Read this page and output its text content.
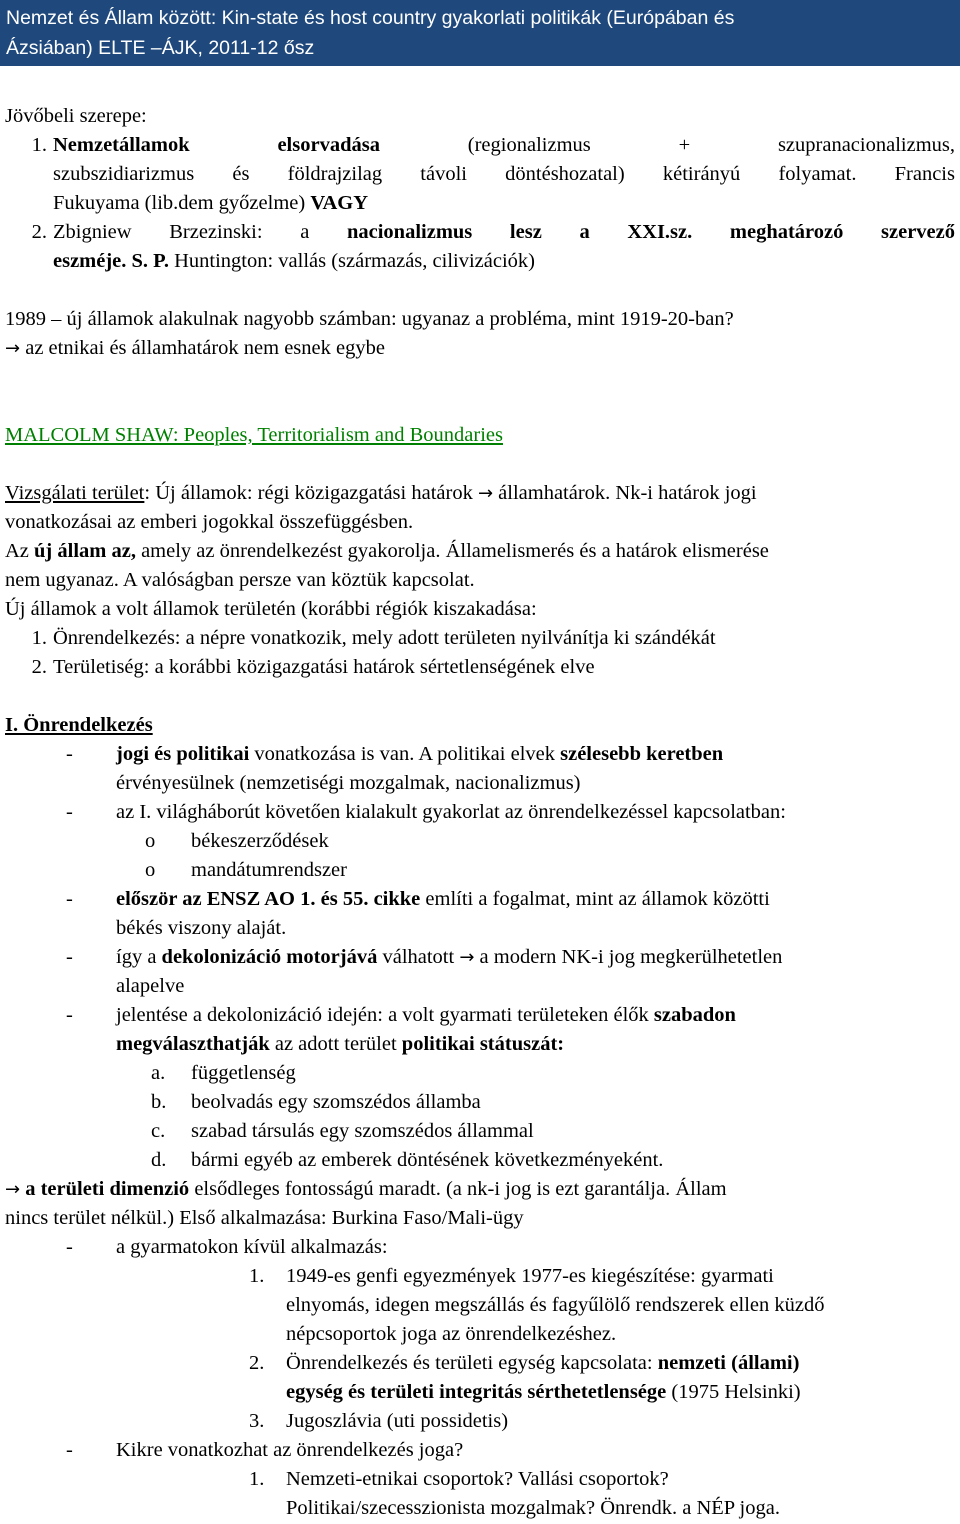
Nemzet és Állam között: Kin-state és host country gyakorlati politikák (Európában és
Ázsiában) ELTE –ÁJK, 2011-12 ősz

Jövőbeli szerepe:

1. Nemzetállamok	elsorvadása	(regionalizmus + szupranacionalizmus,

szubszidiarizmus és földrajzilag távoli döntéshozatal) kétirányú folyamat. Francis

Fukuyama (lib.dem győzelme) VAGY

2. Zbigniew Brzezinski: a nacionalizmus lesz a XXI.sz. meghatározó szervező

eszméje. S. P. Huntington: vallás (származás, cilivizációk)

1989 – új államok alakulnak nagyobb számban: ugyanaz a probléma, mint 1919-20-ban?

→ az etnikai és államhatárok nem esnek egybe

MALCOLM SHAW: Peoples, Territorialism and Boundaries

Vizsgálati terület: Új államok: régi közigazgatási határok → államhatárok. Nk-i határok jogi

vonatkozásai az emberi jogokkal összefüggésben.

Az új állam az, amely az önrendelkezést gyakorolja. Államelismerés és a határok elismerése

nem ugyanaz. A valóságban persze van köztük kapcsolat.

Új államok a volt államok területén (korábbi régiók kiszakadása:

1. Önrendelkezés: a népre vonatkozik, mely adott területen nyilvánítja ki szándékát

2. Területiség: a korábbi közigazgatási határok sértetlenségének elve

I. Önrendelkezés

- jogi és politikai vonatkozása is van. A politikai elvek szélesebb keretben

érvényesülnek (nemzetiségi mozgalmak, nacionalizmus)

- az I. világháborút követően kialakult gyakorlat az önrendelkezéssel kapcsolatban:

o békeszerződések

o mandátumrendszer

- először az ENSZ AO 1. és 55. cikke említi a fogalmat, mint az államok közötti

békés viszony alaját.

- így a dekolonizáció motorjává válhatott → a modern NK-i jog megkerülhetetlen

alapelve

- jelentése a dekolonizáció idején: a volt gyarmati területeken élők szabadon

megválaszthatják az adott terület politikai státuszát:

a. függetlenség

b. beolvadás egy szomszédos államba

c. szabad társulás egy szomszédos állammal

d. bármi egyéb az emberek döntésének következményeként.

→ a területi dimenzió elsődleges fontosságú maradt. (a nk-i jog is ezt garantálja. Állam

nincs terület nélkül.) Első alkalmazása: Burkina Faso/Mali-ügy

- a gyarmatokon kívül alkalmazás:

1. 1949-es genfi egyezmények 1977-es kiegészítése: gyarmati

elnyomás, idegen megszállás és fagyűlölő rendszerek ellen küzdő

népcsoportok joga az önrendelkezéshez.

2. Önrendelkezés és területi egység kapcsolata: nemzeti (állami)

egység és területi integritás sérthetetlensége (1975 Helsinki)

3. Jugoszlávia (uti possidetis)

- Kikre vonatkozhat az önrendelkezés joga?

1. Nemzeti-etnikai csoportok? Vallási csoportok?

Politikai/szecesszionista mozgalmak? Önrendk. a NÉP joga.
